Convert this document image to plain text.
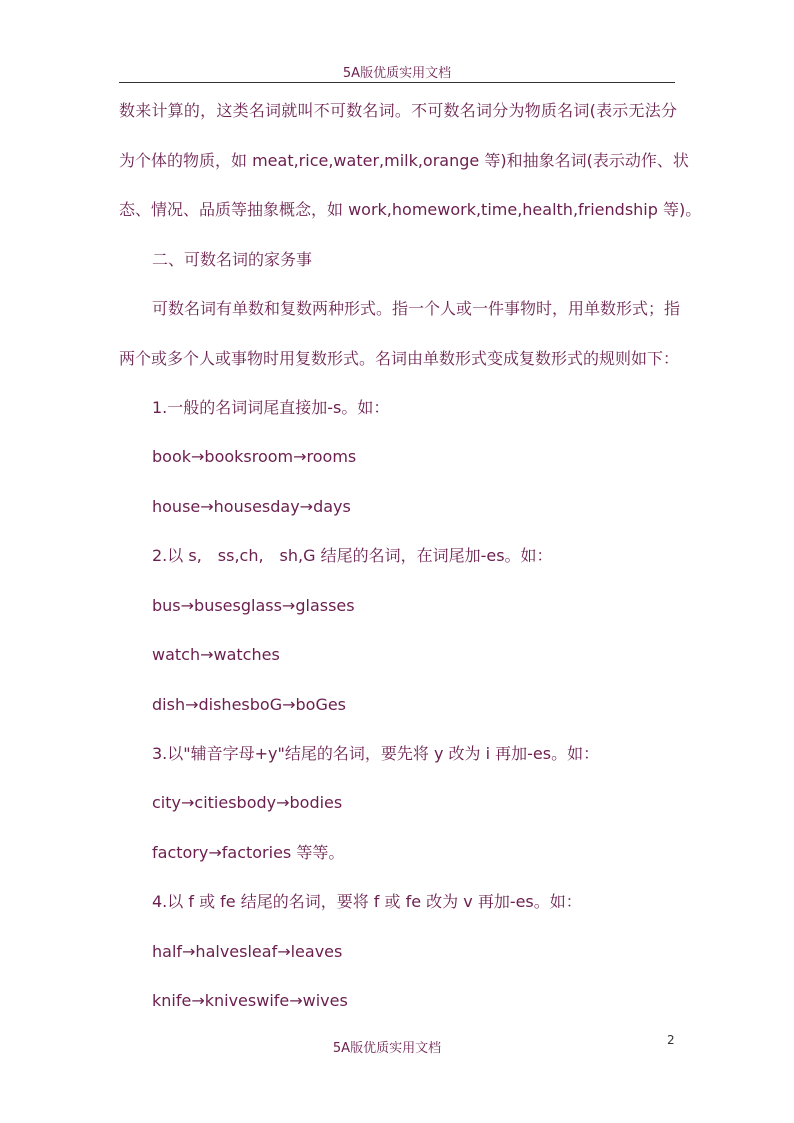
5A版优质实用文档
数来计算的，这类名词就叫不可数名词。不可数名词分为物质名词(表示无法分
为个体的物质，如 meat,rice,water,milk,orange 等)和抽象名词(表示动作、状
态、情况、品质等抽象概念，如 work,homework,time,health,friendship 等)。
二、可数名词的家务事
可数名词有单数和复数两种形式。指一个人或一件事物时，用单数形式；指
两个或多个人或事物时用复数形式。名词由单数形式变成复数形式的规则如下：
1.一般的名词词尾直接加-s。如：
book→booksroom→rooms
house→housesday→days
2.以 s,　ss,ch,　sh,G 结尾的名词，在词尾加-es。如：
bus→busesglass→glasses
watch→watches
dish→dishesboG→boGes
3.以"辅音字母+y"结尾的名词，要先将 y 改为 i 再加-es。如：
city→citiesbody→bodies
factory→factories 等等。
4.以 f 或 fe 结尾的名词，要将 f 或 fe 改为 v 再加-es。如：
half→halvesleaf→leaves
knife→kniveswife→wives
5A版优质实用文档
2
